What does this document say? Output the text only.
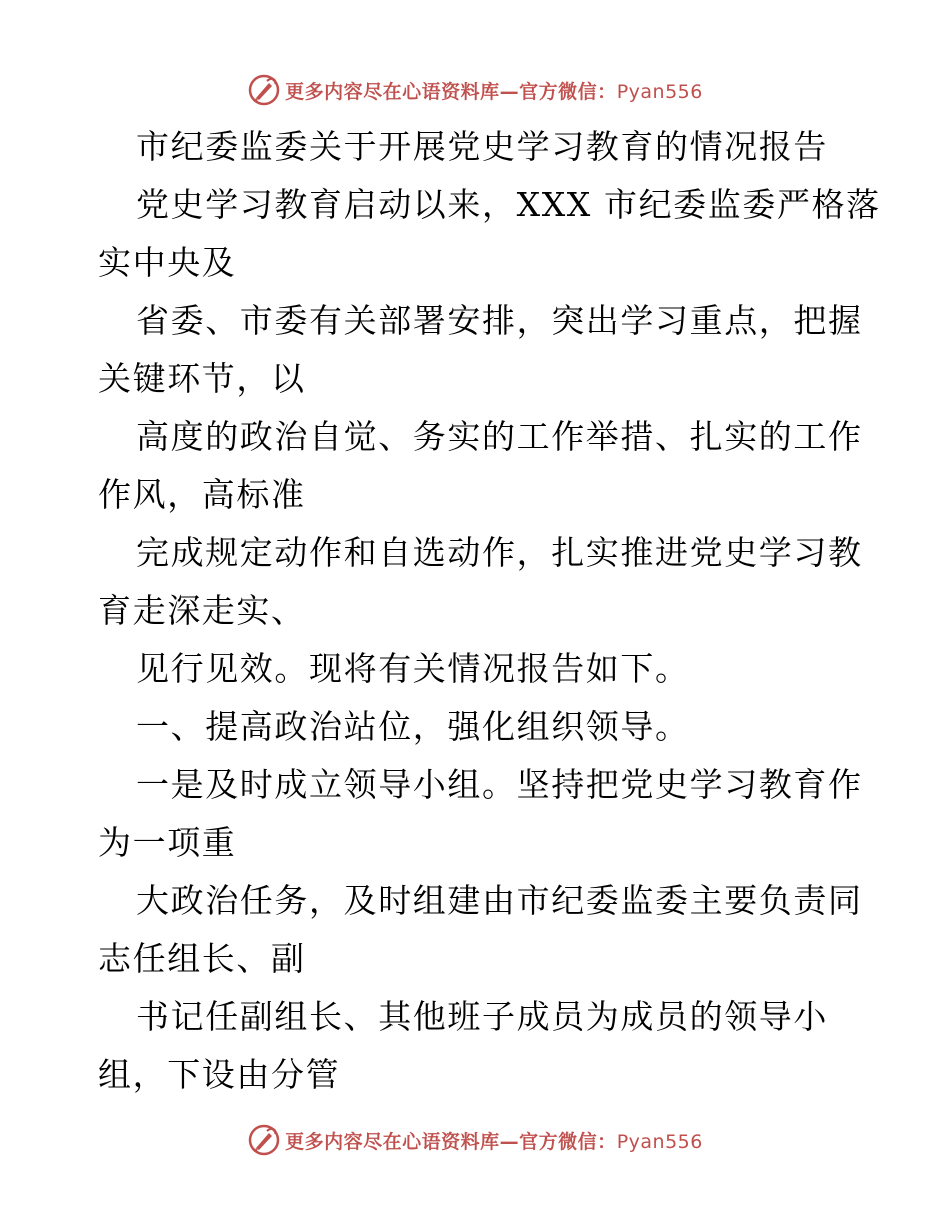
更多内容尽在心语资料库—官方微信：Pyan556
市纪委监委关于开展党史学习教育的情况报告
党史学习教育启动以来，XXX 市纪委监委严格落
实中央及
省委、市委有关部署安排，突出学习重点，把握
关键环节，以
高度的政治自觉、务实的工作举措、扎实的工作
作风，高标准
完成规定动作和自选动作，扎实推进党史学习教
育走深走实、
见行见效。现将有关情况报告如下。
一、提高政治站位，强化组织领导。
一是及时成立领导小组。坚持把党史学习教育作
为一项重
大政治任务，及时组建由市纪委监委主要负责同
志任组长、副
书记任副组长、其他班子成员为成员的领导小
组，下设由分管
更多内容尽在心语资料库—官方微信：Pyan556
